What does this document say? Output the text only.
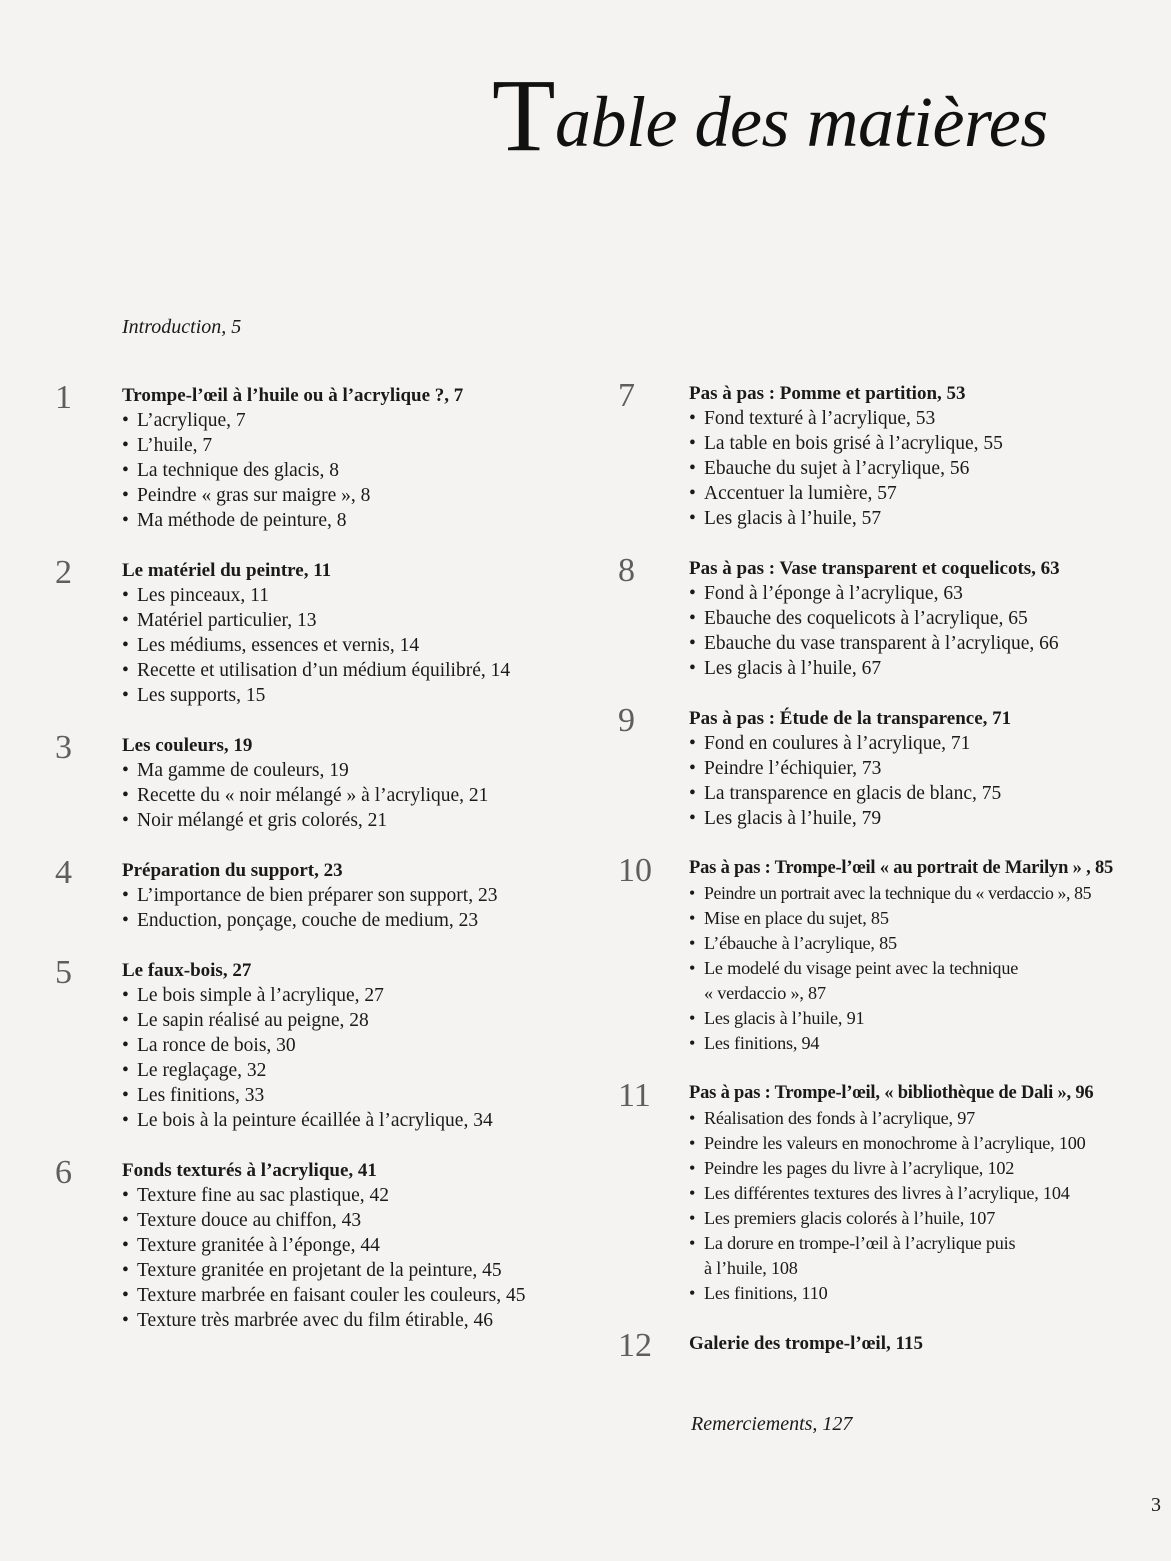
Table des matières
Introduction, 5
1	Trompe-l’œil à l’huile ou à l’acrylique ?, 7
• L’acrylique, 7
• L’huile, 7
• La technique des glacis, 8
• Peindre « gras sur maigre », 8
• Ma méthode de peinture, 8
2	Le matériel du peintre, 11
• Les pinceaux, 11
• Matériel particulier, 13
• Les médiums, essences et vernis, 14
• Recette et utilisation d’un médium équilibré, 14
• Les supports, 15
3	Les couleurs, 19
• Ma gamme de couleurs, 19
• Recette du « noir mélangé » à l’acrylique, 21
• Noir mélangé et gris colorés, 21
4	Préparation du support, 23
• L’importance de bien préparer son support, 23
• Enduction, ponçage, couche de medium, 23
5	Le faux-bois, 27
• Le bois simple à l’acrylique, 27
• Le sapin réalisé au peigne, 28
• La ronce de bois, 30
• Le reglaçage, 32
• Les finitions, 33
• Le bois à la peinture écaillée à l’acrylique, 34
6	Fonds texturés à l’acrylique, 41
• Texture fine au sac plastique, 42
• Texture douce au chiffon, 43
• Texture granitée à l’éponge, 44
• Texture granitée en projetant de la peinture, 45
• Texture marbrée en faisant couler les couleurs, 45
• Texture très marbrée avec du film étirable, 46
7	Pas à pas : Pomme et partition, 53
• Fond texturé à l’acrylique, 53
• La table en bois grisé à l’acrylique, 55
• Ebauche du sujet à l’acrylique, 56
• Accentuer la lumière, 57
• Les glacis à l’huile, 57
8	Pas à pas : Vase transparent et coquelicots, 63
• Fond à l’éponge à l’acrylique, 63
• Ebauche des coquelicots à l’acrylique, 65
• Ebauche du vase transparent à l’acrylique, 66
• Les glacis à l’huile, 67
9	Pas à pas : Étude de la transparence, 71
• Fond en coulures à l’acrylique, 71
• Peindre l’échiquier, 73
• La transparence en glacis de blanc, 75
• Les glacis à l’huile, 79
10 Pas à pas : Trompe-l’œil « au portrait de Marilyn » , 85
• Peindre un portrait avec la technique du « verdaccio », 85
• Mise en place du sujet, 85
• L’ébauche à l’acrylique, 85
• Le modelé du visage peint avec la technique
« verdaccio », 87
• Les glacis à l’huile, 91
• Les finitions, 94
11 Pas à pas : Trompe-l’œil, « bibliothèque de Dali », 96
• Réalisation des fonds à l’acrylique, 97
• Peindre les valeurs en monochrome à l’acrylique, 100
• Peindre les pages du livre à l’acrylique, 102
• Les différentes textures des livres à l’acrylique, 104
• Les premiers glacis colorés à l’huile, 107
• La dorure en trompe-l’œil à l’acrylique puis
à l’huile, 108
• Les finitions, 110
12 Galerie des trompe-l’œil, 115
Remerciements, 127
3
